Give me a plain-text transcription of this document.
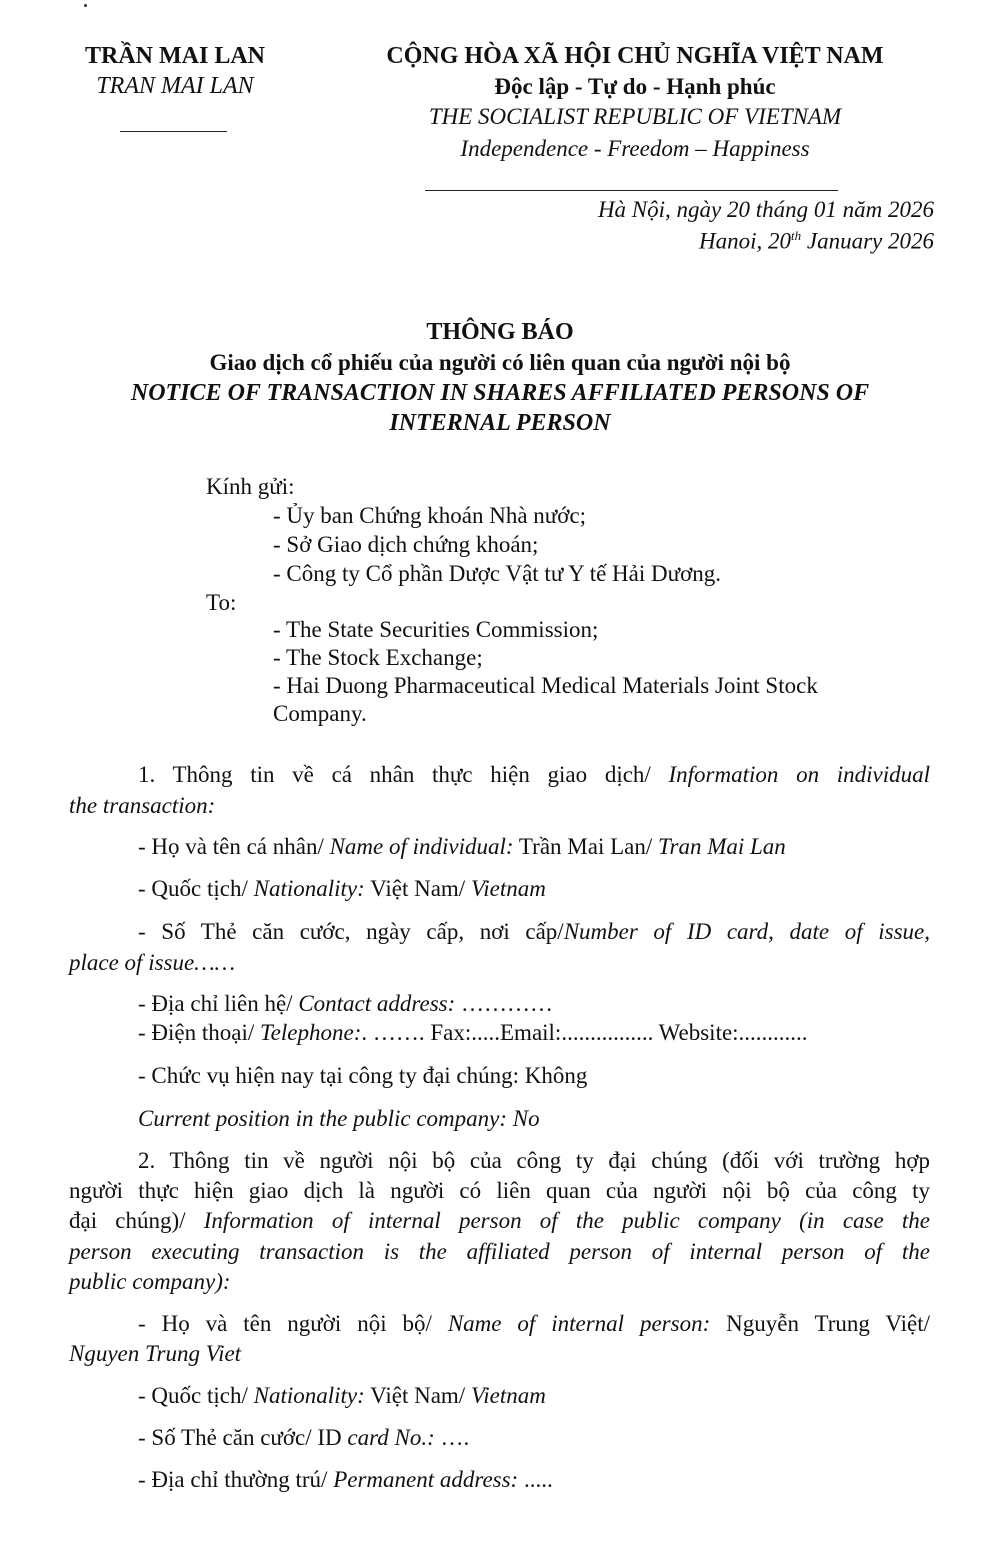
TRẦN MAI LAN
TRAN MAI LAN
CỘNG HÒA XÃ HỘI CHỦ NGHĨA VIỆT NAM
Độc lập - Tự do - Hạnh phúc
THE SOCIALIST REPUBLIC OF VIETNAM
Independence - Freedom – Happiness
Hà Nội, ngày 20 tháng 01 năm 2026
Hanoi, 20th January 2026
THÔNG BÁO
Giao dịch cổ phiếu của người có liên quan của người nội bộ
NOTICE OF TRANSACTION IN SHARES AFFILIATED PERSONS OF
INTERNAL PERSON
Kính gửi:
- Ủy ban Chứng khoán Nhà nước;
- Sở Giao dịch chứng khoán;
- Công ty Cổ phần Dược Vật tư Y tế Hải Dương.
To:
- The State Securities Commission;
- The Stock Exchange;
- Hai Duong Pharmaceutical Medical Materials Joint Stock
Company.
1. Thông tin về cá nhân thực hiện giao dịch/ Information on individual
the transaction:
- Họ và tên cá nhân/ Name of individual: Trần Mai Lan/ Tran Mai Lan
- Quốc tịch/ Nationality: Việt Nam/ Vietnam
- Số Thẻ căn cước, ngày cấp, nơi cấp/Number of ID card, date of issue,
place of issue……
- Địa chỉ liên hệ/ Contact address: …………
- Điện thoại/ Telephone:. ……. Fax:.....Email:................ Website:............
- Chức vụ hiện nay tại công ty đại chúng: Không
Current position in the public company: No
2. Thông tin về người nội bộ của công ty đại chúng (đối với trường hợp
người thực hiện giao dịch là người có liên quan của người nội bộ của công ty
đại chúng)/ Information of internal person of the public company (in case the
person executing transaction is the affiliated person of internal person of the
public company):
- Họ và tên người nội bộ/ Name of internal person: Nguyễn Trung Việt/
Nguyen Trung Viet
- Quốc tịch/ Nationality: Việt Nam/ Vietnam
- Số Thẻ căn cước/ ID card No.: ….
- Địa chỉ thường trú/ Permanent address: .....
